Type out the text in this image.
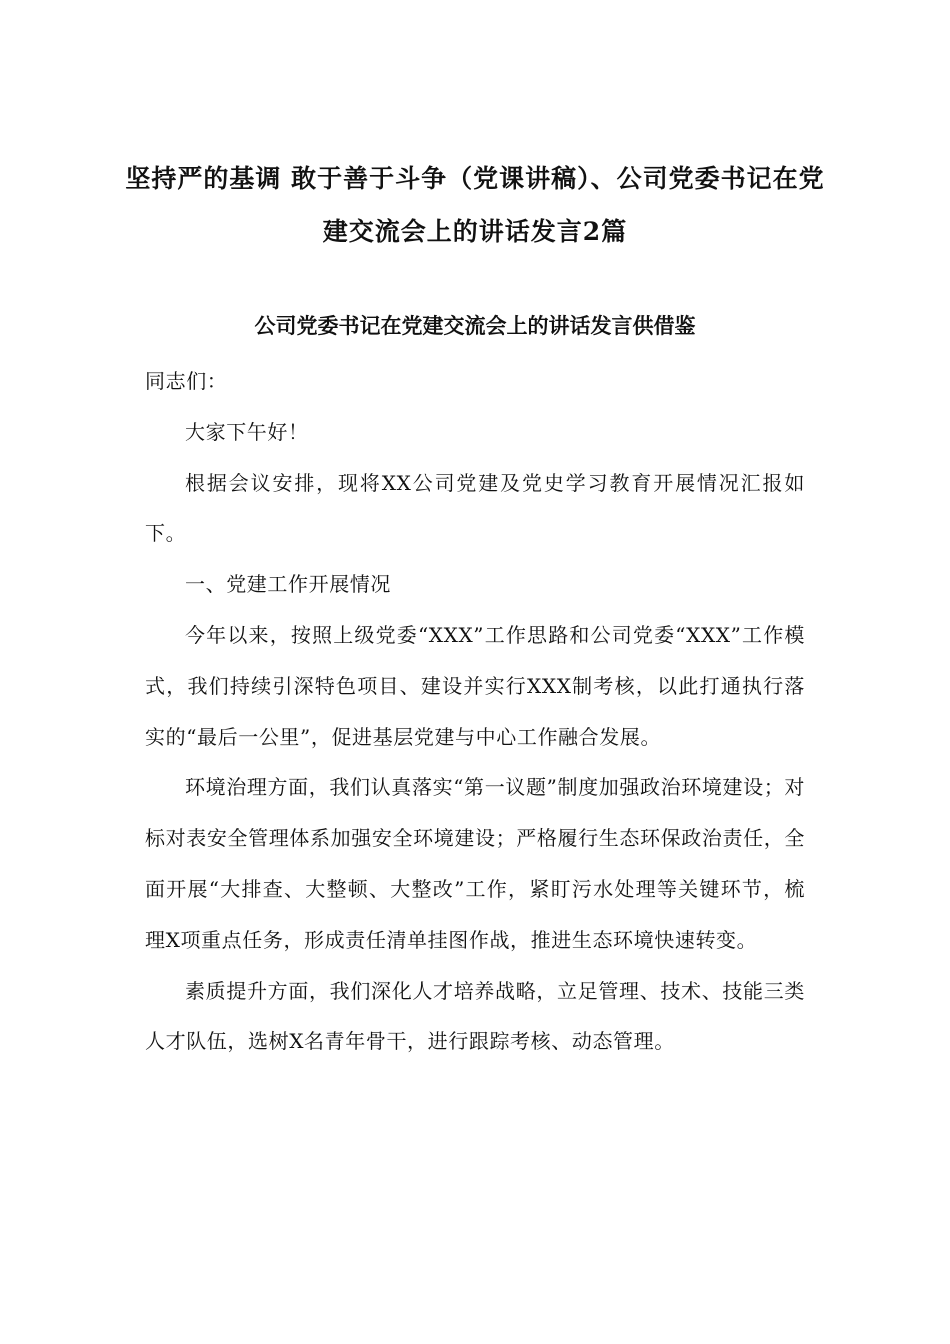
坚持严的基调 敢于善于斗争（党课讲稿）、公司党委书记在党建交流会上的讲话发言2篇
公司党委书记在党建交流会上的讲话发言供借鉴

同志们：

大家下午好！

根据会议安排，现将XX公司党建及党史学习教育开展情况汇报如下。

一、党建工作开展情况

今年以来，按照上级党委“XXX”工作思路和公司党委“XXX”工作模式，我们持续引深特色项目、建设并实行XXX制考核，以此打通执行落实的“最后一公里”，促进基层党建与中心工作融合发展。

环境治理方面，我们认真落实“第一议题”制度加强政治环境建设；对标对表安全管理体系加强安全环境建设；严格履行生态环保政治责任，全面开展“大排查、大整顿、大整改”工作，紧盯污水处理等关键环节，梳理X项重点任务，形成责任清单挂图作战，推进生态环境快速转变。

素质提升方面，我们深化人才培养战略，立足管理、技术、技能三类人才队伍，选树X名青年骨干，进行跟踪考核、动态管理。
